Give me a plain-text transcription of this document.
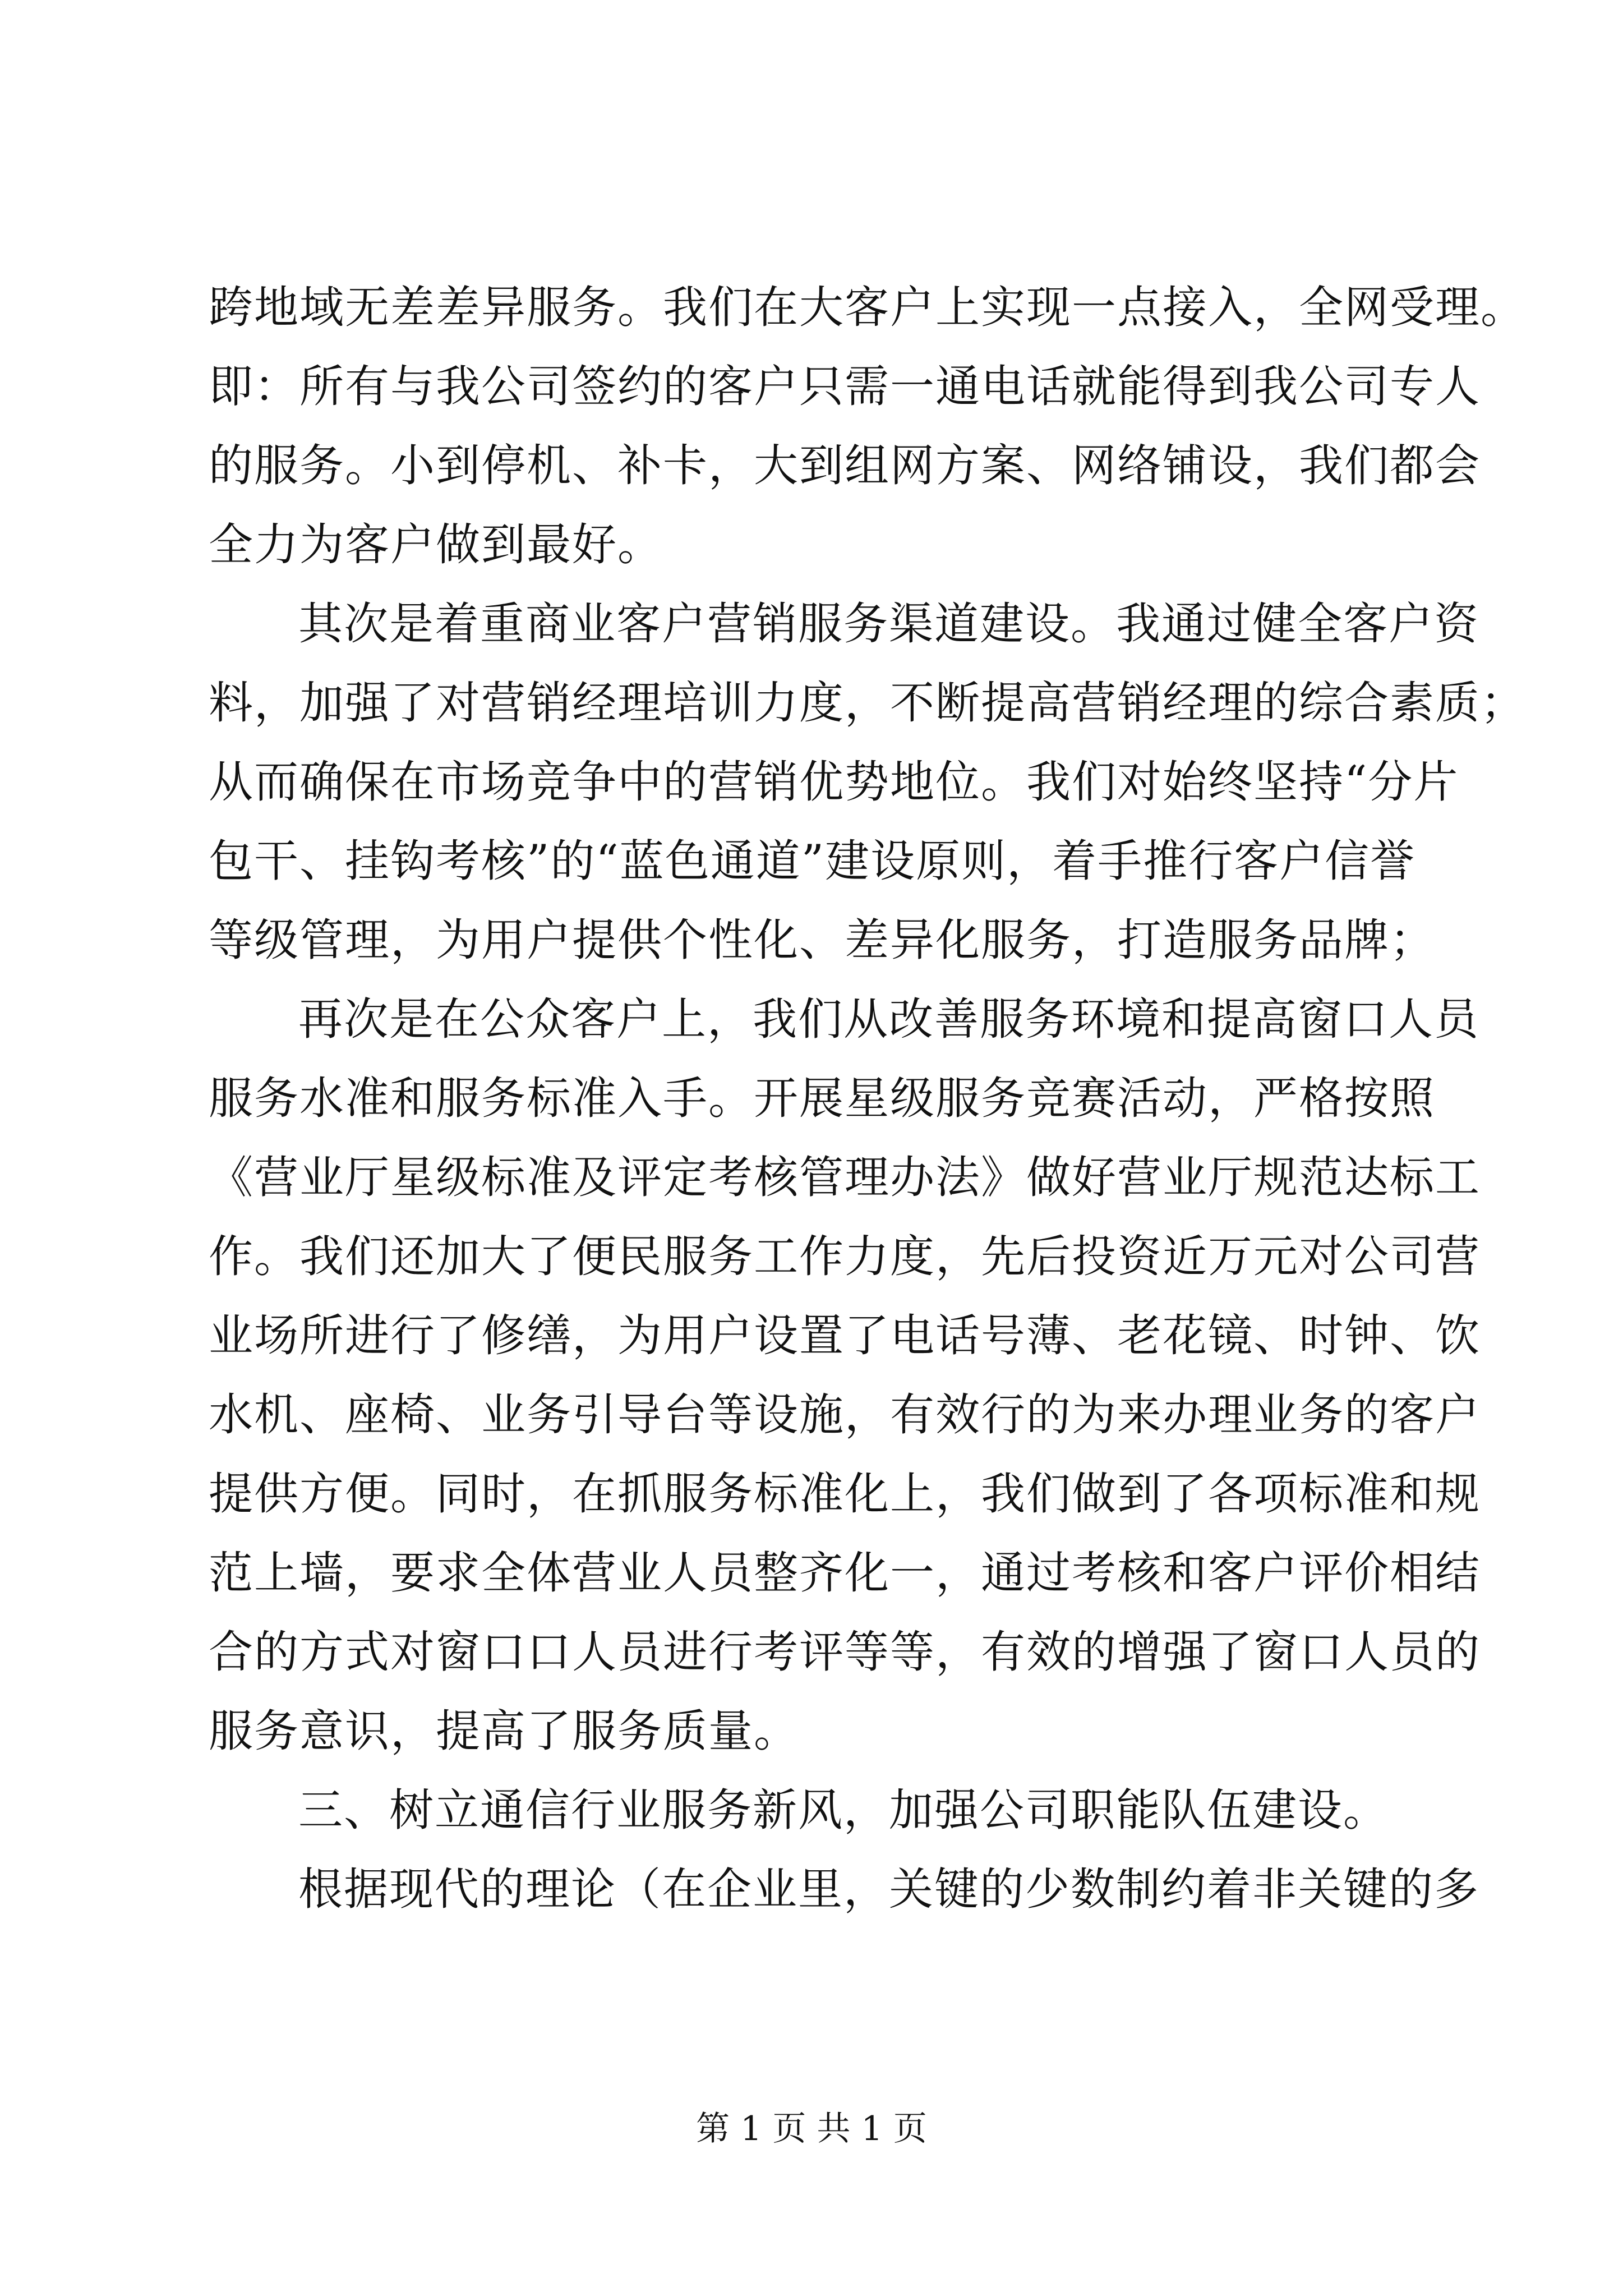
跨地域无差差异服务。我们在大客户上实现一点接入，全网受理。
即：所有与我公司签约的客户只需一通电话就能得到我公司专人
的服务。小到停机、补卡，大到组网方案、网络铺设，我们都会
全力为客户做到最好。
其次是着重商业客户营销服务渠道建设。我通过健全客户资
料，加强了对营销经理培训力度，不断提高营销经理的综合素质；
从而确保在市场竞争中的营销优势地位。我们对始终坚持“分片
包干、挂钩考核”的“蓝色通道”建设原则，着手推行客户信誉
等级管理，为用户提供个性化、差异化服务，打造服务品牌；
再次是在公众客户上，我们从改善服务环境和提高窗口人员
服务水准和服务标准入手。开展星级服务竞赛活动，严格按照
《营业厅星级标准及评定考核管理办法》做好营业厅规范达标工
作。我们还加大了便民服务工作力度，先后投资近万元对公司营
业场所进行了修缮，为用户设置了电话号薄、老花镜、时钟、饮
水机、座椅、业务引导台等设施，有效行的为来办理业务的客户
提供方便。同时，在抓服务标准化上，我们做到了各项标准和规
范上墙，要求全体营业人员整齐化一，通过考核和客户评价相结
合的方式对窗口口人员进行考评等等，有效的增强了窗口人员的
服务意识，提高了服务质量。
三、树立通信行业服务新风，加强公司职能队伍建设。
根据现代的理论（在企业里，关键的少数制约着非关键的多
第 1 页 共 1 页
